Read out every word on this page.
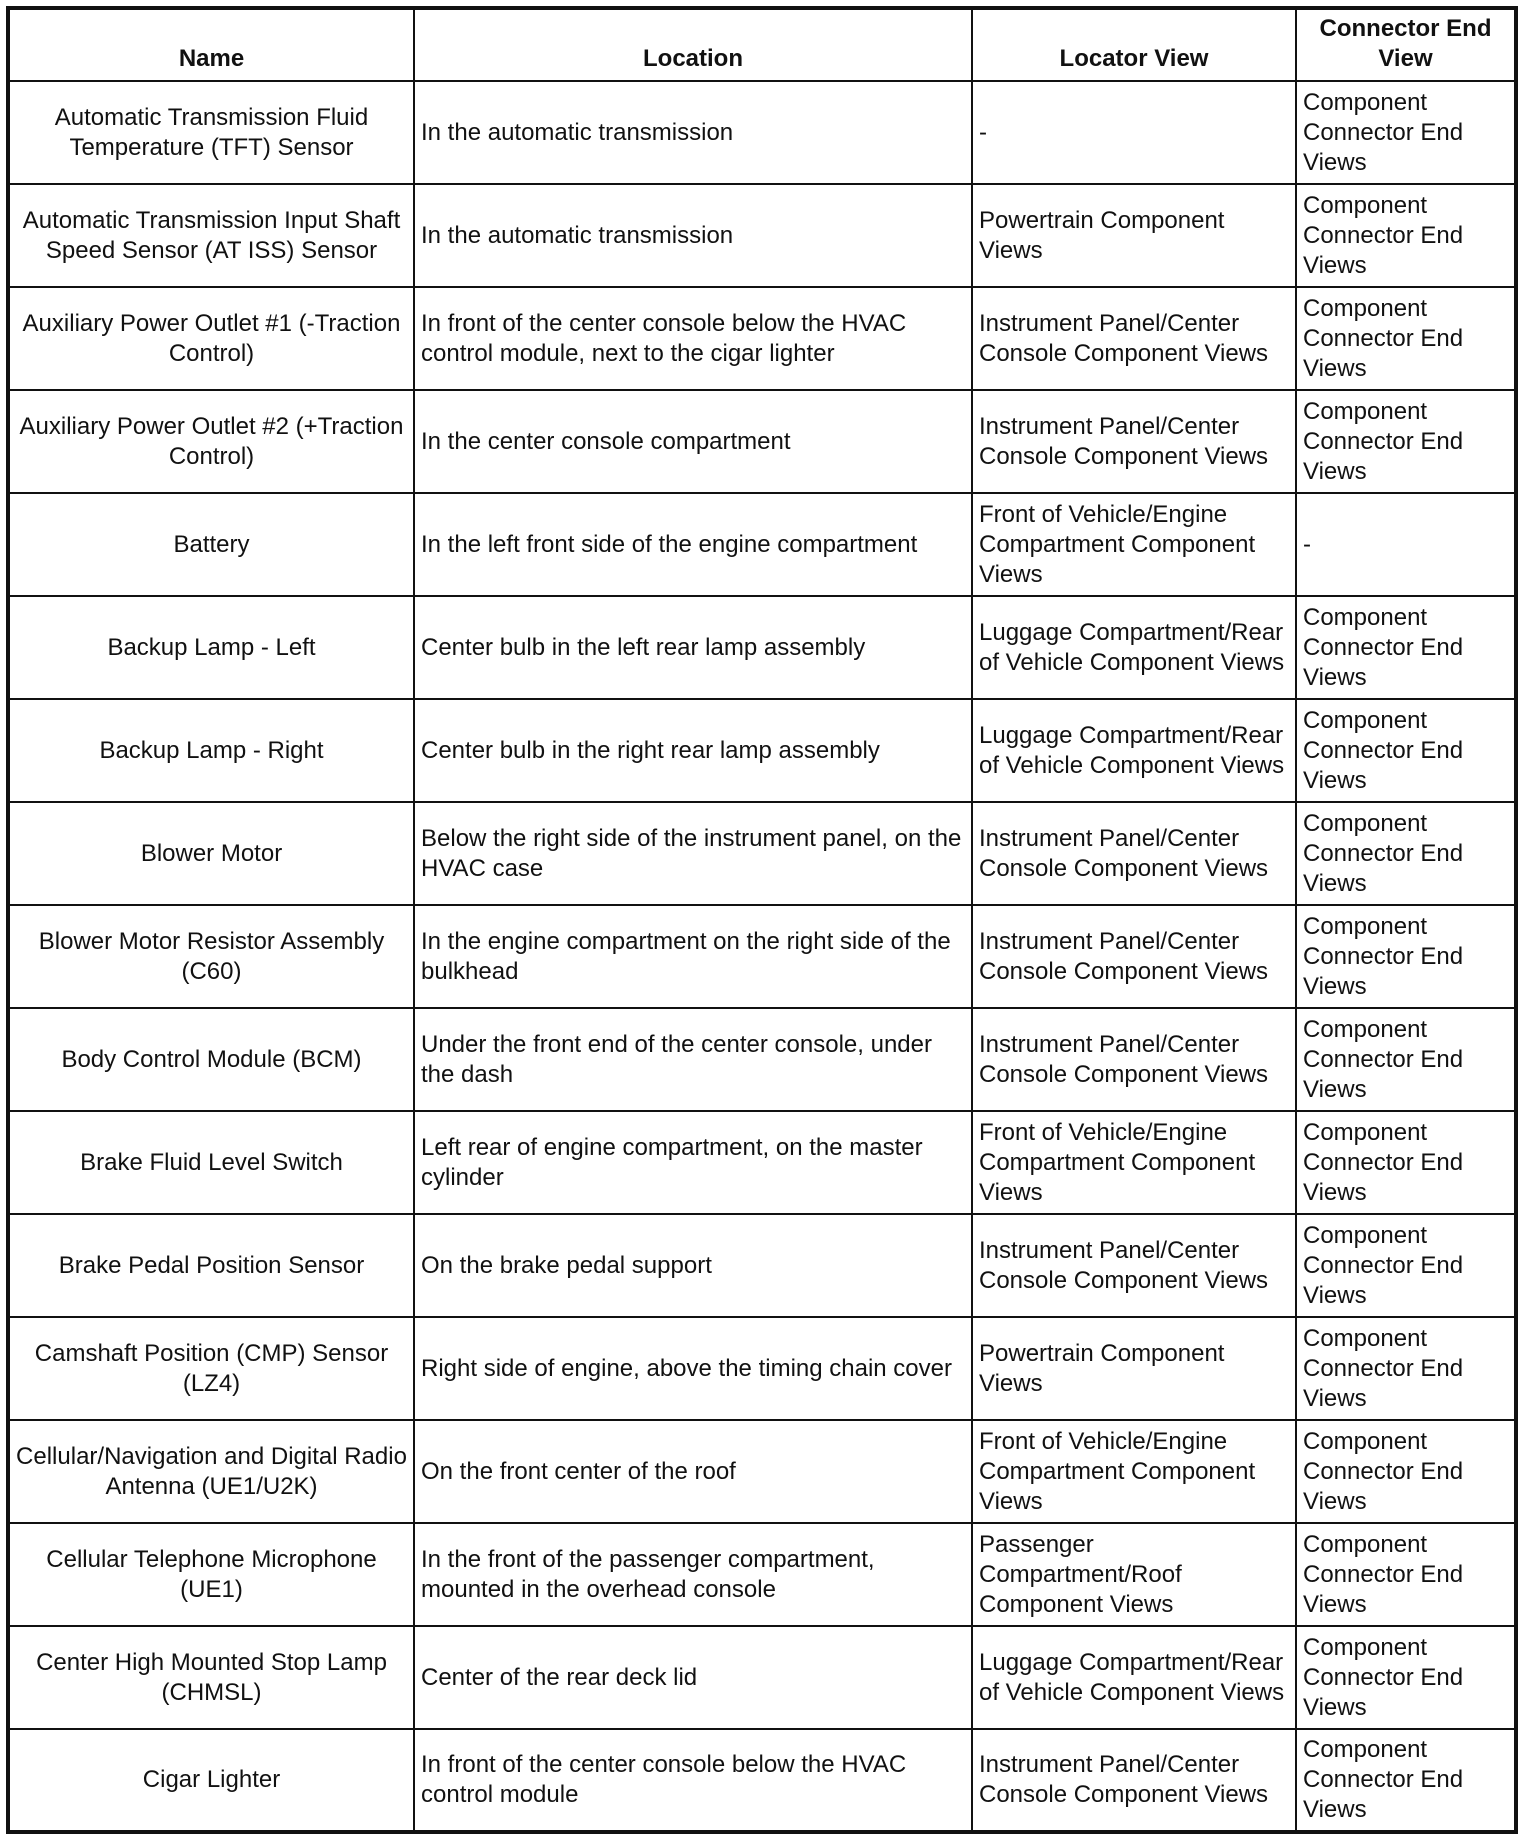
Name	Location	Locator View	Connector End View
Automatic Transmission Fluid Temperature (TFT) Sensor	In the automatic transmission	-	Component Connector End Views
Automatic Transmission Input Shaft Speed Sensor (AT ISS) Sensor	In the automatic transmission	Powertrain Component Views	Component Connector End Views
Auxiliary Power Outlet #1 (-Traction Control)	In front of the center console below the HVAC control module, next to the cigar lighter	Instrument Panel/Center Console Component Views	Component Connector End Views
Auxiliary Power Outlet #2 (+Traction Control)	In the center console compartment	Instrument Panel/Center Console Component Views	Component Connector End Views
Battery	In the left front side of the engine compartment	Front of Vehicle/Engine Compartment Component Views	-
Backup Lamp - Left	Center bulb in the left rear lamp assembly	Luggage Compartment/Rear of Vehicle Component Views	Component Connector End Views
Backup Lamp - Right	Center bulb in the right rear lamp assembly	Luggage Compartment/Rear of Vehicle Component Views	Component Connector End Views
Blower Motor	Below the right side of the instrument panel, on the HVAC case	Instrument Panel/Center Console Component Views	Component Connector End Views
Blower Motor Resistor Assembly (C60)	In the engine compartment on the right side of the bulkhead	Instrument Panel/Center Console Component Views	Component Connector End Views
Body Control Module (BCM)	Under the front end of the center console, under the dash	Instrument Panel/Center Console Component Views	Component Connector End Views
Brake Fluid Level Switch	Left rear of engine compartment, on the master cylinder	Front of Vehicle/Engine Compartment Component Views	Component Connector End Views
Brake Pedal Position Sensor	On the brake pedal support	Instrument Panel/Center Console Component Views	Component Connector End Views
Camshaft Position (CMP) Sensor (LZ4)	Right side of engine, above the timing chain cover	Powertrain Component Views	Component Connector End Views
Cellular/Navigation and Digital Radio Antenna (UE1/U2K)	On the front center of the roof	Front of Vehicle/Engine Compartment Component Views	Component Connector End Views
Cellular Telephone Microphone (UE1)	In the front of the passenger compartment, mounted in the overhead console	Passenger Compartment/Roof Component Views	Component Connector End Views
Center High Mounted Stop Lamp (CHMSL)	Center of the rear deck lid	Luggage Compartment/Rear of Vehicle Component Views	Component Connector End Views
Cigar Lighter	In front of the center console below the HVAC control module	Instrument Panel/Center Console Component Views	Component Connector End Views
